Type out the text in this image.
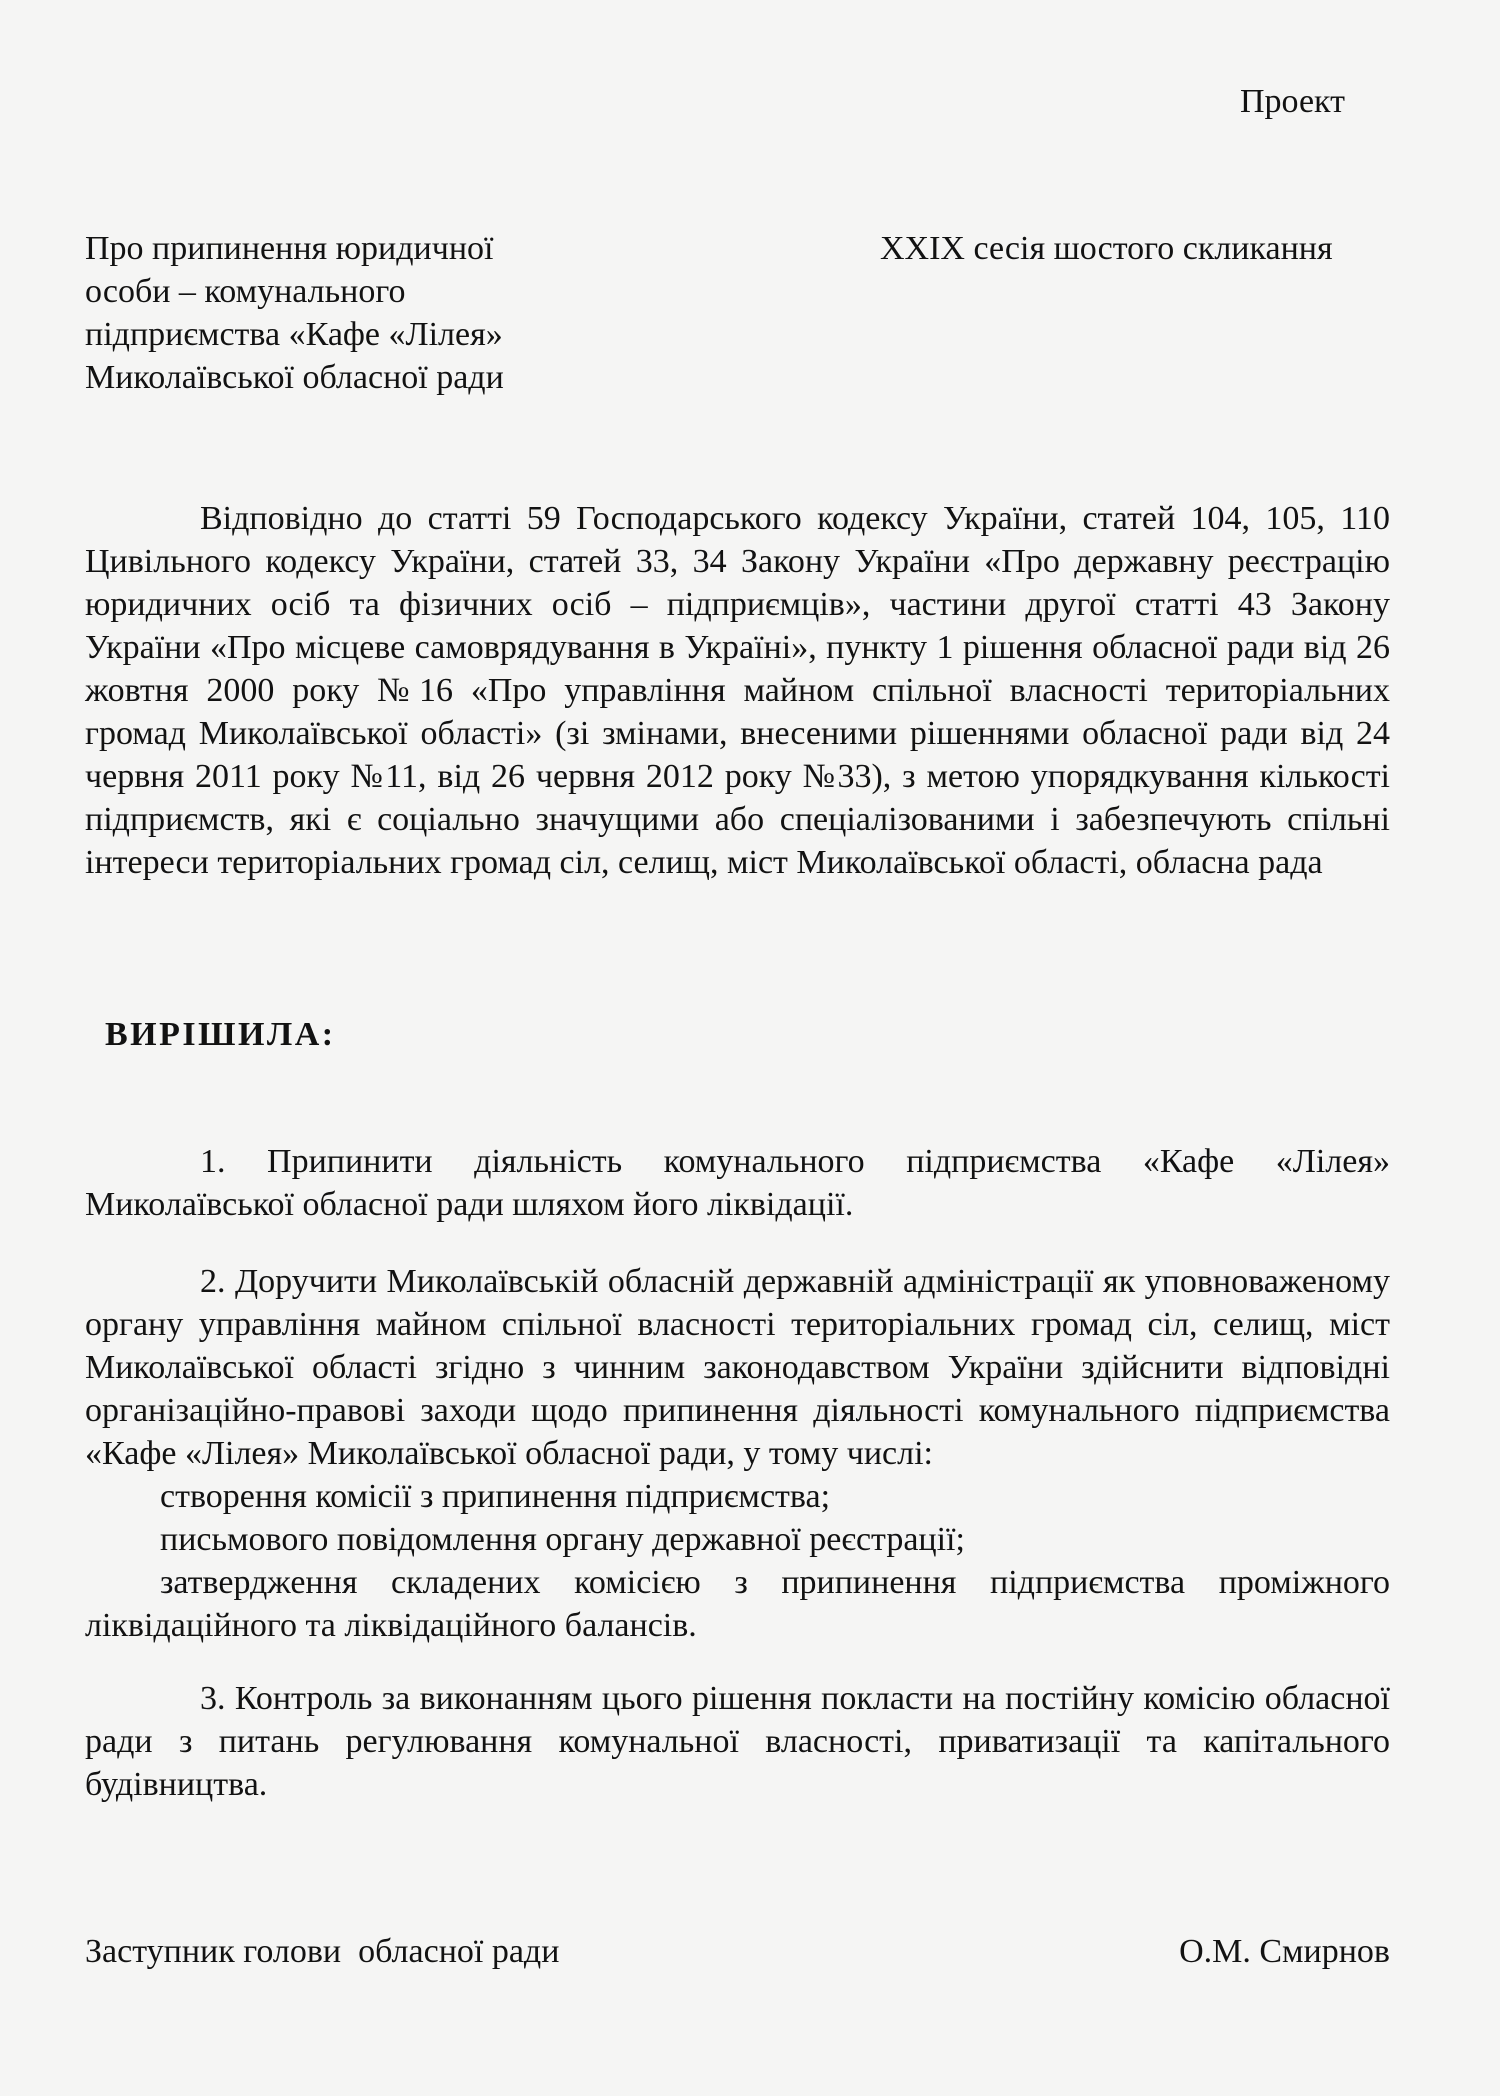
Проект
Про припинення юридичної
особи – комунального
підприємства «Кафе «Лілея»
Миколаївської обласної ради
XXIX сесія шостого скликання

Відповідно до статті 59 Господарського кодексу України, статей 104, 105, 110 Цивільного кодексу України, статей 33, 34 Закону України «Про державну реєстрацію юридичних осіб та фізичних осіб – підприємців», частини другої статті 43 Закону України «Про місцеве самоврядування в Україні», пункту 1 рішення обласної ради від 26 жовтня 2000 року №16 «Про управління майном спільної власності територіальних громад Миколаївської області» (зі змінами, внесеними рішеннями обласної ради від 24 червня 2011 року №11, від 26 червня 2012 року №33), з метою упорядкування кількості підприємств, які є соціально значущими або спеціалізованими і забезпечують спільні інтереси територіальних громад сіл, селищ, міст Миколаївської області, обласна рада

ВИРІШИЛА:

1. Припинити діяльність комунального підприємства «Кафе «Лілея» Миколаївської обласної ради шляхом його ліквідації.

2. Доручити Миколаївській обласній державній адміністрації як уповноваженому органу управління майном спільної власності територіальних громад сіл, селищ, міст Миколаївської області згідно з чинним законодавством України здійснити відповідні організаційно-правові заходи щодо припинення діяльності комунального підприємства «Кафе «Лілея» Миколаївської обласної ради, у тому числі:

створення комісії з припинення підприємства;

письмового повідомлення органу державної реєстрації;

затвердження складених комісією з припинення підприємства проміжного ліквідаційного та ліквідаційного балансів.

3. Контроль за виконанням цього рішення покласти на постійну комісію обласної ради з питань регулювання комунальної власності, приватизації та капітального будівництва.

Заступник голови  обласної ради	О.М. Смирнов
